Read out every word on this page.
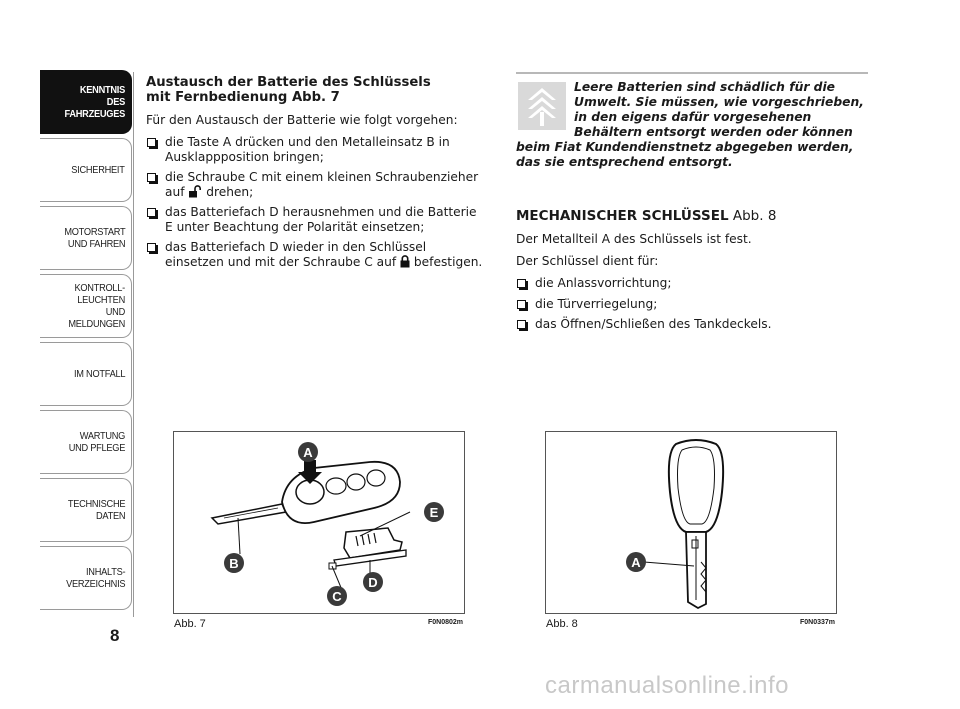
KENNTNIS
DES FAHRZEUGES
SICHERHEIT
MOTORSTART
UND FAHREN
KONTROLL-
LEUCHTEN
UND MELDUNGEN
IM NOTFALL
WARTUNG
UND PFLEGE
TECHNISCHE
DATEN
INHALTS-
VERZEICHNIS
8
Austausch der Batterie des Schlüssels
mit Fernbedienung Abb. 7

Für den Austausch der Batterie wie folgt vorgehen:

die Taste A drücken und den Metalleinsatz B in Ausklappposition bringen;
die Schraube C mit einem kleinen Schraubenzieher auf drehen;
das Batteriefach D herausnehmen und die Batterie E unter Beachtung der Polarität einsetzen;
das Batteriefach D wieder in den Schlüssel einsetzen und mit der Schraube C auf befestigen.
Leere Batterien sind schädlich für die Umwelt. Sie müssen, wie vorgeschrieben, in den eigens dafür vorgesehenen Behältern entsorgt werden oder können beim Fiat Kundendienstnetz abgegeben werden, das sie entsprechend entsorgt.
MECHANISCHER SCHLÜSSEL Abb. 8

Der Metallteil A des Schlüssels ist fest.

Der Schlüssel dient für:

die Anlassvorrichtung;
die Türverriegelung;
das Öffnen/Schließen des Tankdeckels.
A
E
B
D
C
Abb. 7	F0N0802m
A
Abb. 8	F0N0337m
carmanualsonline.info
